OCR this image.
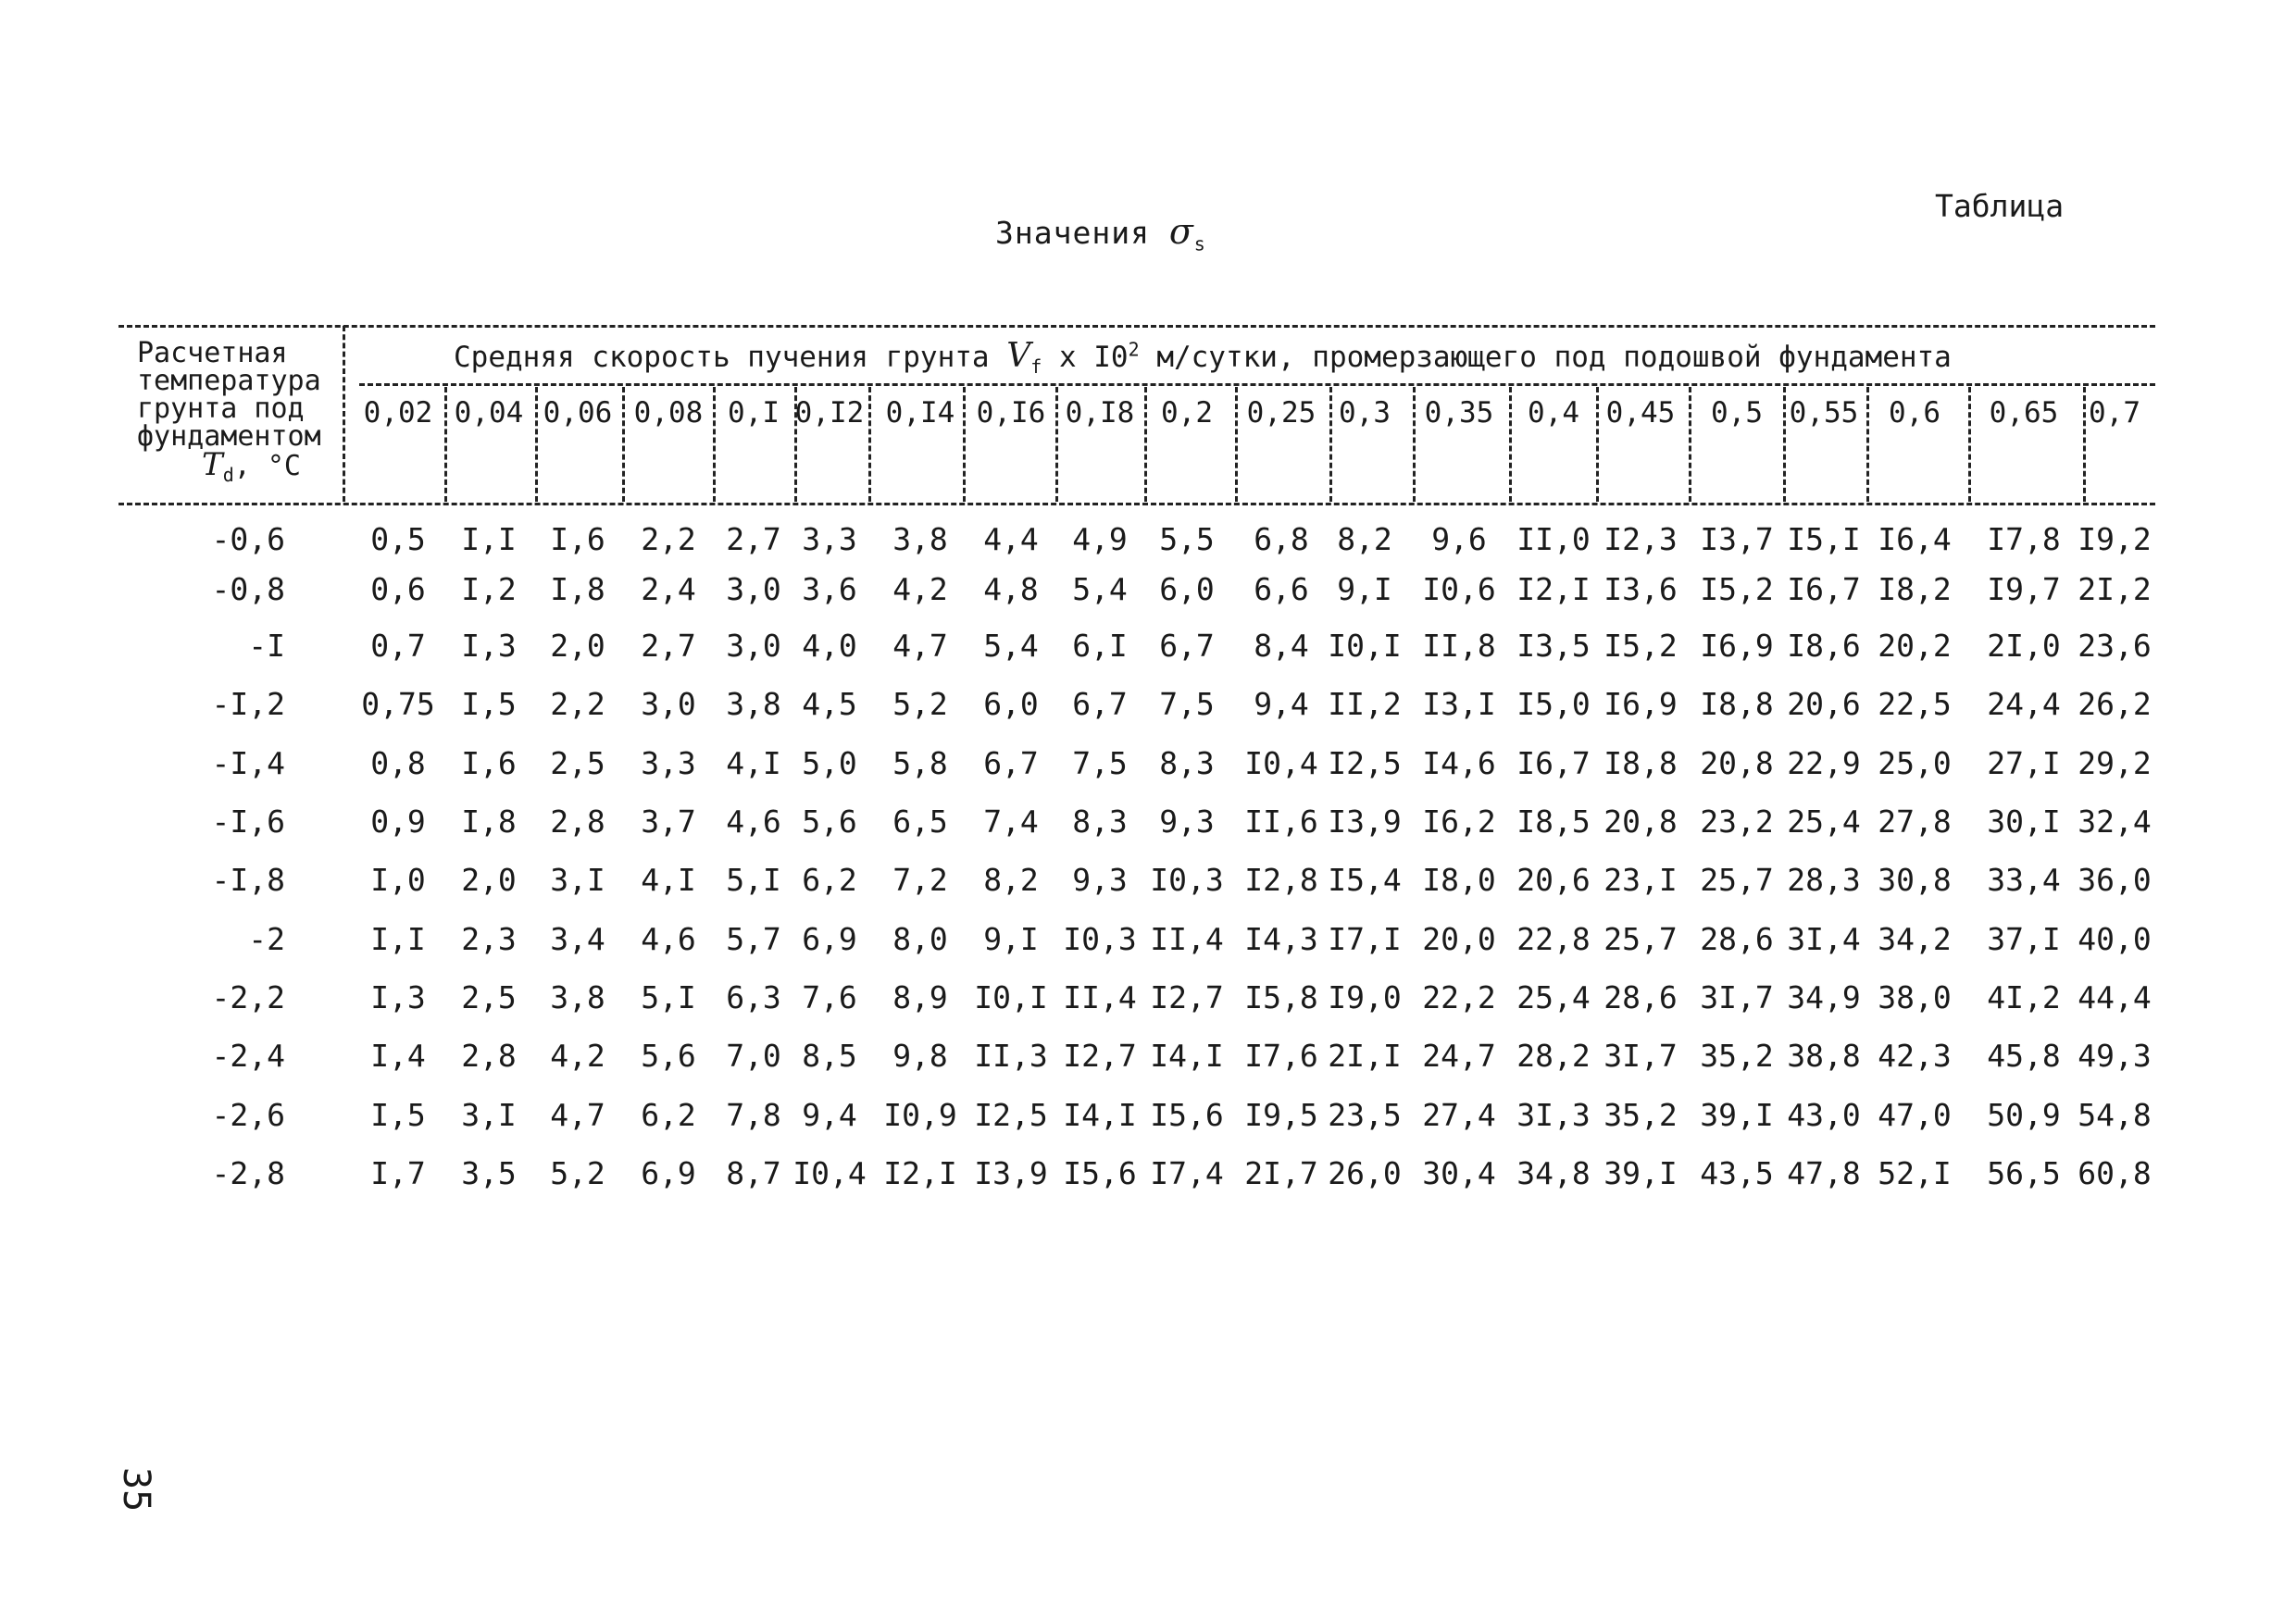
Таблица
Значения $\sigma_s$
Расчетная
температура
грунта под
фундаментом
$Т_d$, °С
Средняя скорость пучения грунта $V_f$ х $I0^2$ м/сутки, промерзающего под подошвой фундамента
0,02 0,04 0,06 0,08 0,I 0,I2 0,I4 0,I6 0,I8 0,2	0,25 0,3	0,35	0,4 0,45	0,5 0,55	0,6	0,65	0,7
-0,6	0,5	I,I	I,6	2,2 2,7 3,3	3,8	4,4	4,9	5,5	6,8 8,2	9,6 II,0 I2,3 I3,7 I5,I I6,4	I7,8 I9,2
-0,8	0,6	I,2	I,8	2,4 3,0 3,6	4,2	4,8	5,4	6,0	6,6 9,I I0,6 I2,I I3,6 I5,2 I6,7 I8,2	I9,7 2I,2
-I	0,7	I,3	2,0	2,7 3,0 4,0	4,7	5,4	6,I	6,7	8,4 I0,I II,8 I3,5 I5,2 I6,9 I8,6 20,2	2I,0 23,6
-I,2	0,75 I,5	2,2	3,0 3,8 4,5	5,2	6,0	6,7	7,5	9,4 II,2 I3,I I5,0 I6,9 I8,8 20,6 22,5	24,4 26,2
-I,4	0,8	I,6	2,5	3,3 4,I 5,0	5,8	6,7	7,5	8,3 I0,4 I2,5 I4,6 I6,7 I8,8 20,8 22,9 25,0	27,I 29,2
-I,6	0,9	I,8	2,8	3,7 4,6 5,6	6,5	7,4	8,3	9,3 II,6 I3,9 I6,2 I8,5 20,8 23,2 25,4 27,8	30,I 32,4
-I,8	I,0	2,0	3,I	4,I 5,I 6,2	7,2	8,2	9,3 I0,3 I2,8 I5,4 I8,0 20,6 23,I 25,7 28,3 30,8	33,4 36,0
-2	I,I	2,3	3,4	4,6 5,7 6,9	8,0	9,I I0,3 II,4 I4,3 I7,I 20,0 22,8 25,7 28,6 3I,4 34,2	37,I 40,0
-2,2	I,3	2,5	3,8	5,I 6,3 7,6	8,9 I0,I II,4 I2,7 I5,8 I9,0 22,2 25,4 28,6 3I,7 34,9 38,0	4I,2 44,4
-2,4	I,4	2,8	4,2	5,6 7,0 8,5	9,8 II,3 I2,7 I4,I I7,6 2I,I 24,7 28,2 3I,7 35,2 38,8 42,3	45,8 49,3
-2,6	I,5	3,I	4,7	6,2 7,8 9,4 I0,9 I2,5 I4,I I5,6 I9,5 23,5 27,4 3I,3 35,2 39,I 43,0 47,0	50,9 54,8
-2,8	I,7	3,5	5,2	6,9 8,7 I0,4 I2,I I3,9 I5,6 I7,4 2I,7 26,0 30,4 34,8 39,I 43,5 47,8 52,I	56,5 60,8
35
